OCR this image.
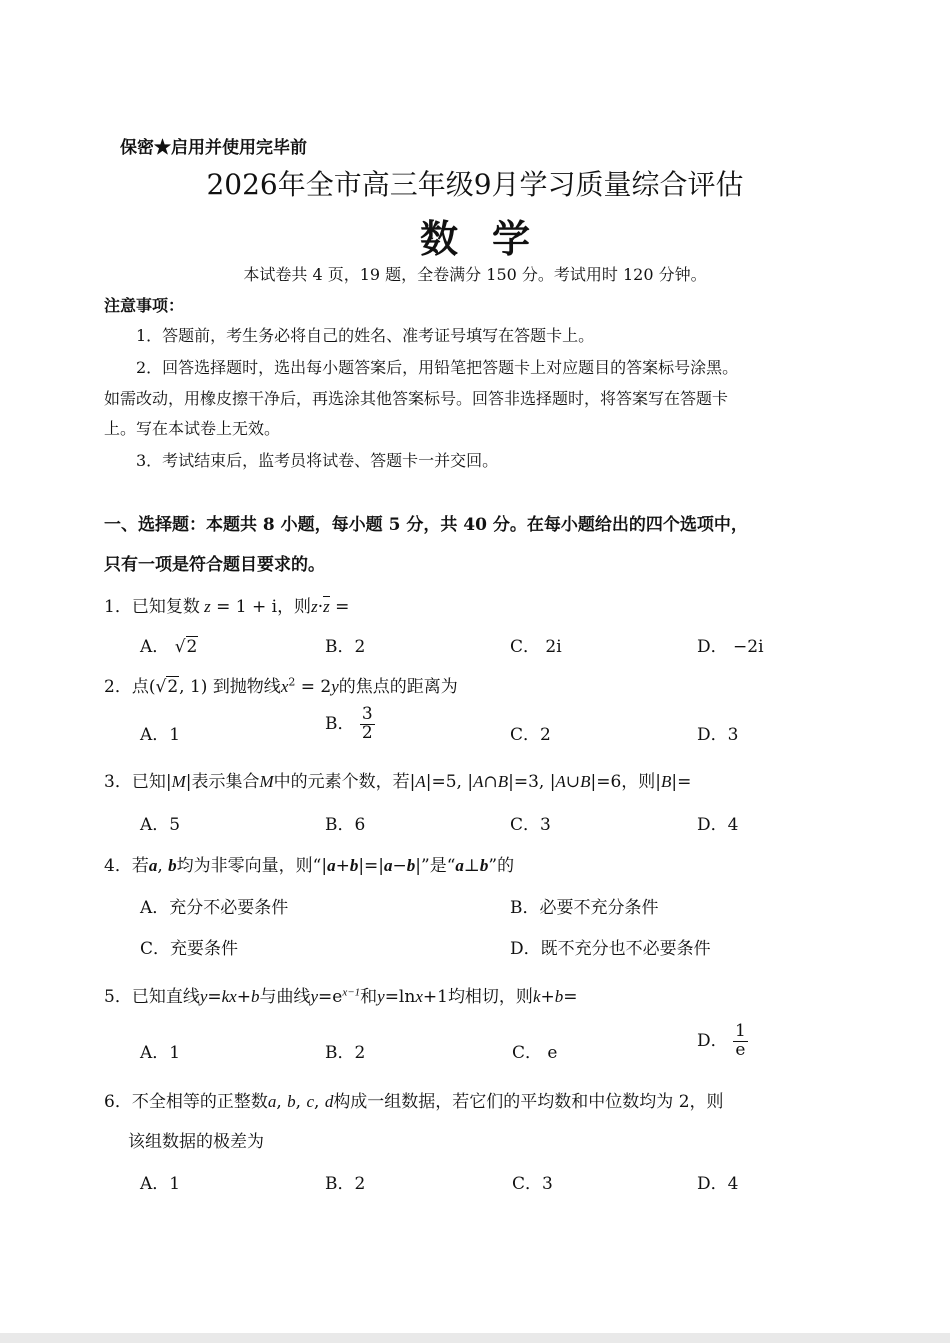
保密★启用并使用完毕前
2026年全市高三年级9月学习质量综合评估
数学
本试卷共 4 页，19 题，全卷满分 150 分。考试用时 120 分钟。
注意事项：
1．答题前，考生务必将自己的姓名、准考证号填写在答题卡上。
2．回答选择题时，选出每小题答案后，用铅笔把答题卡上对应题目的答案标号涂黑。
如需改动，用橡皮擦干净后，再选涂其他答案标号。回答非选择题时，将答案写在答题卡
上。写在本试卷上无效。
3．考试结束后，监考员将试卷、答题卡一并交回。
一、选择题：本题共 8 小题，每小题 5 分，共 40 分。在每小题给出的四个选项中，
只有一项是符合题目要求的。
1．已知复数 z = 1 + i，则z·z =
A． √2	B．2	C． 2i	D． −2i
2．点(√2, 1) 到抛物线$x^2 = 2y$的焦点的距离为
A．1
B． $\frac{3}{2}$	C．2	D．3
3．已知|M|表示集合M中的元素个数，若|A|=5, |A∩B|=3, |A∪B|=6，则|B|=
A．5	B．6	C．3	D．4
4．若a, b均为非零向量，则“|a+b|=|a−b|”是“a⊥b”的
A．充分不必要条件	B．必要不充分条件
C．充要条件	D．既不充分也不必要条件
5．已知直线y=kx+b与曲线$y=e^{x-1}$和y=lnx+1均相切，则k+b=
A．1	B．2	C． e
D． $\frac{1}{e}$
6．不全相等的正整数a, b, c, d构成一组数据，若它们的平均数和中位数均为 2，则
该组数据的极差为
A．1	B．2	C．3	D．4
